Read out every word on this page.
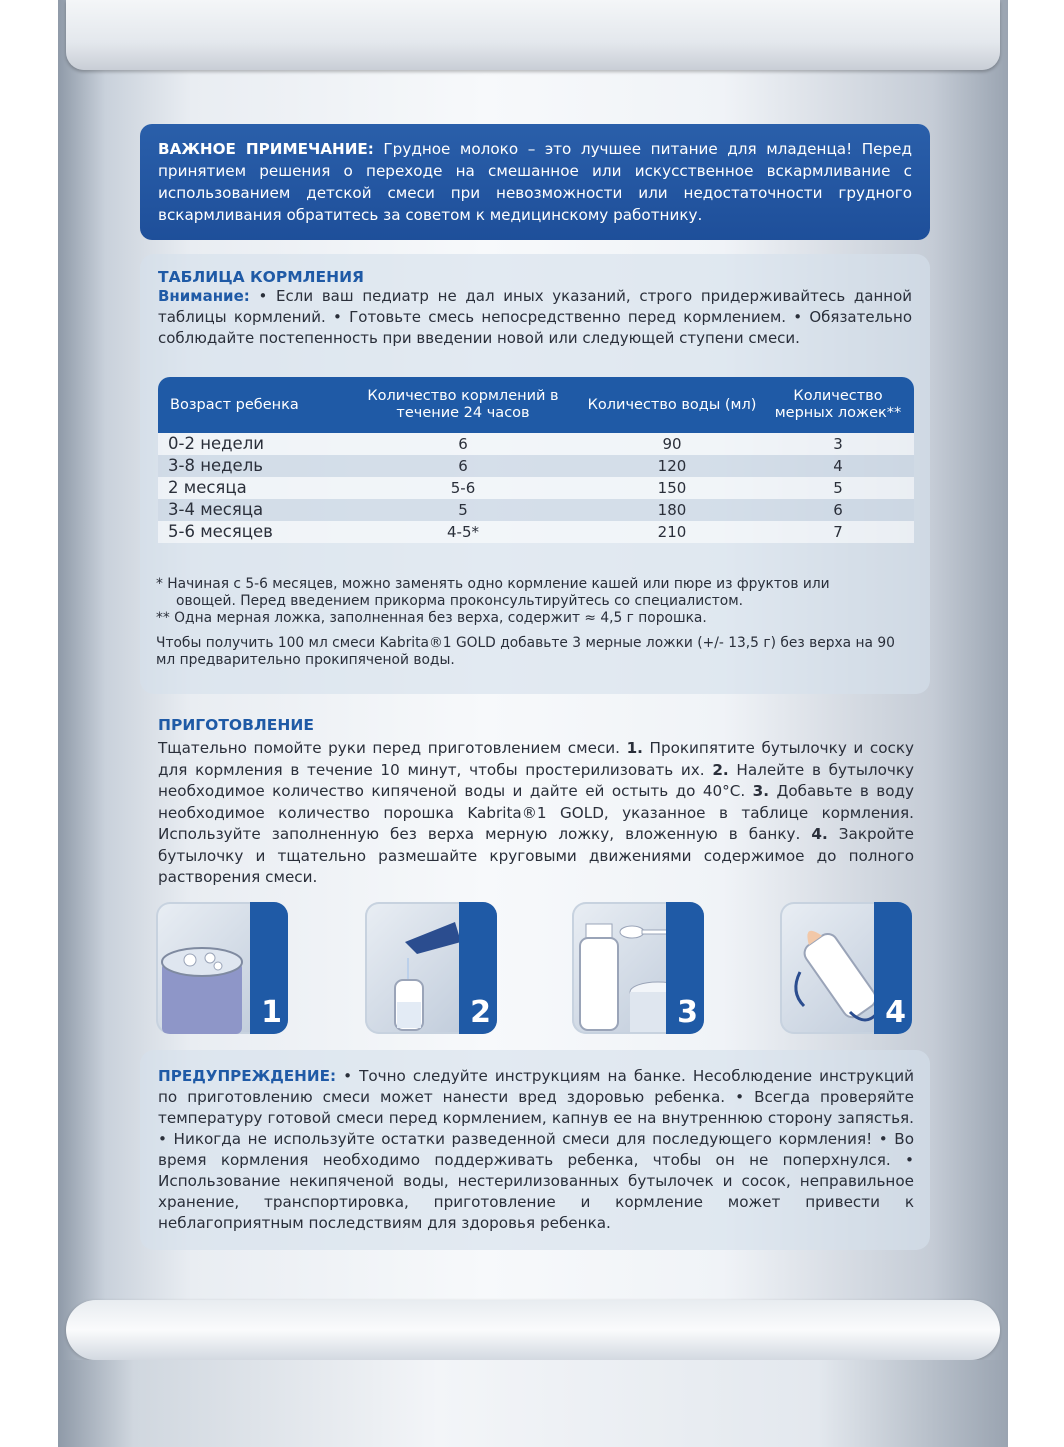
ВАЖНОЕ ПРИМЕЧАНИЕ: Грудное молоко – это лучшее питание для младенца! Перед принятием решения о переходе на смешанное или искусственное вскармливание с использованием детской смеси при невозможности или недостаточности грудного вскармливания обратитесь за советом к медицинскому работнику.

ТАБЛИЦА КОРМЛЕНИЯ

Внимание: • Если ваш педиатр не дал иных указаний, строго придерживайтесь данной таблицы кормлений. • Готовьте смесь непосредственно перед кормлением. • Обязательно соблюдайте постепенность при введении новой или следующей ступени смеси.
Возраст ребенка	Количество кормлений в течение 24 часов	Количество воды (мл)	Количество мерных ложек**
0-2 недели	6	90	3
3-8 недель	6	120	4
2 месяца	5-6	150	5
3-4 месяца	5	180	6
5-6 месяцев	4-5*	210	7

* Начиная с 5-6 месяцев, можно заменять одно кормление кашей или пюре из фруктов или

овощей. Перед введением прикорма проконсультируйтесь со специалистом.

** Одна мерная ложка, заполненная без верха, содержит ≈ 4,5 г порошка.

Чтобы получить 100 мл смеси Kabrita®1 GOLD добавьте 3 мерные ложки (+/- 13,5 г) без верха на 90 мл предварительно прокипяченой воды.

ПРИГОТОВЛЕНИЕ

Тщательно помойте руки перед приготовлением смеси. 1. Прокипятите бутылочку и соску для кормления в течение 10 минут, чтобы простерилизовать их. 2. Налейте в бутылочку необходимое количество кипяченой воды и дайте ей остыть до 40°C. 3. Добавьте в воду необходимое количество порошка Kabrita®1 GOLD, указанное в таблице кормления. Используйте заполненную без верха мерную ложку, вложенную в банку. 4. Закройте бутылочку и тщательно размешайте круговыми движениями содержимое до полного растворения смеси.
1	2	3	4
ПРЕДУПРЕЖДЕНИЕ: • Точно следуйте инструкциям на банке. Несоблюдение инструкций по приготовлению смеси может нанести вред здоровью ребенка. • Всегда проверяйте температуру готовой смеси перед кормлением, капнув ее на внутреннюю сторону запястья. • Никогда не используйте остатки разведенной смеси для последующего кормления! • Во время кормления необходимо поддерживать ребенка, чтобы он не поперхнулся. • Использование некипяченой воды, нестерилизованных бутылочек и сосок, неправильное хранение, транспортировка, приготовление и кормление может привести к неблагоприятным последствиям для здоровья ребенка.
